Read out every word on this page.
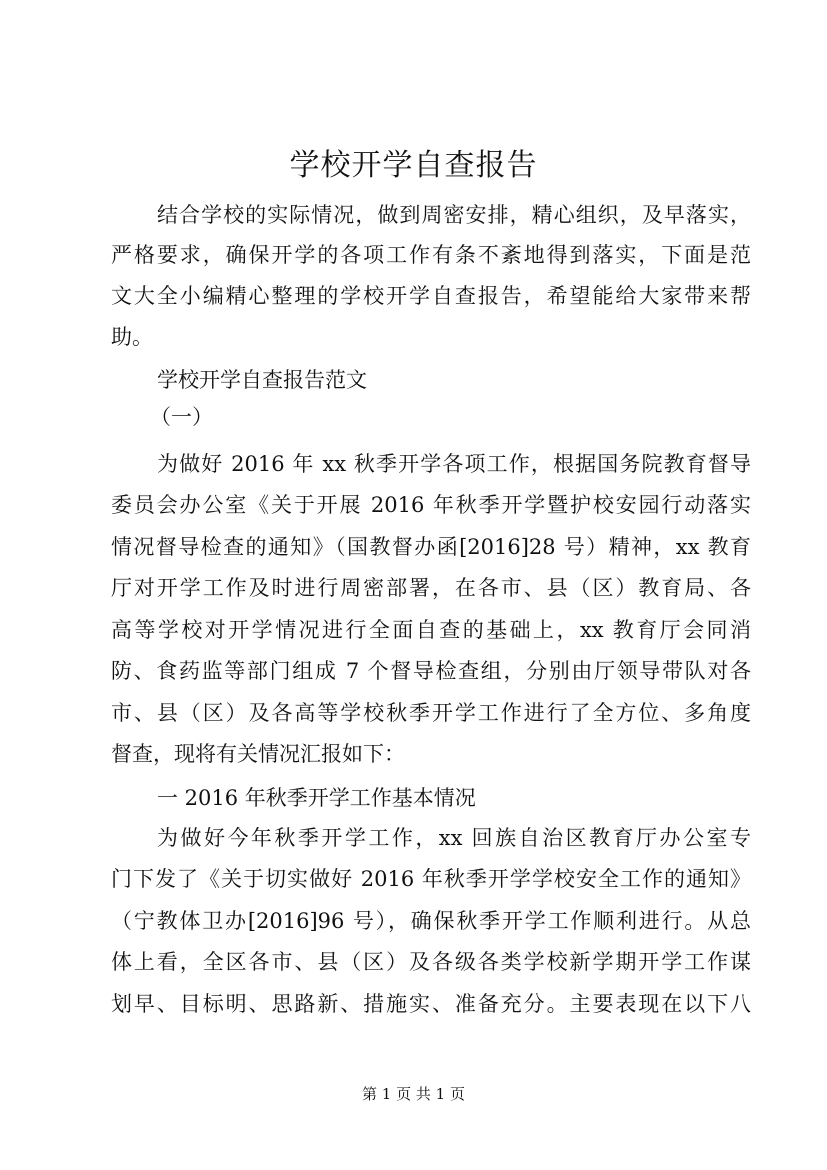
学校开学自查报告
结合学校的实际情况，做到周密安排，精心组织，及早落实，
严格要求，确保开学的各项工作有条不紊地得到落实，下面是范
文大全小编精心整理的学校开学自查报告，希望能给大家带来帮
助。
学校开学自查报告范文
（一）
为做好 2016 年 xx 秋季开学各项工作，根据国务院教育督导
委员会办公室《关于开展 2016 年秋季开学暨护校安园行动落实
情况督导检查的通知》（国教督办函[2016]28 号）精神，xx 教育
厅对开学工作及时进行周密部署，在各市、县（区）教育局、各
高等学校对开学情况进行全面自查的基础上，xx 教育厅会同消
防、食药监等部门组成 7 个督导检查组，分别由厅领导带队对各
市、县（区）及各高等学校秋季开学工作进行了全方位、多角度
督查，现将有关情况汇报如下：
一 2016 年秋季开学工作基本情况
为做好今年秋季开学工作，xx 回族自治区教育厅办公室专
门下发了《关于切实做好 2016 年秋季开学学校安全工作的通知》
（宁教体卫办[2016]96 号），确保秋季开学工作顺利进行。从总
体上看，全区各市、县（区）及各级各类学校新学期开学工作谋
划早、目标明、思路新、措施实、准备充分。主要表现在以下八
第 1 页 共 1 页
